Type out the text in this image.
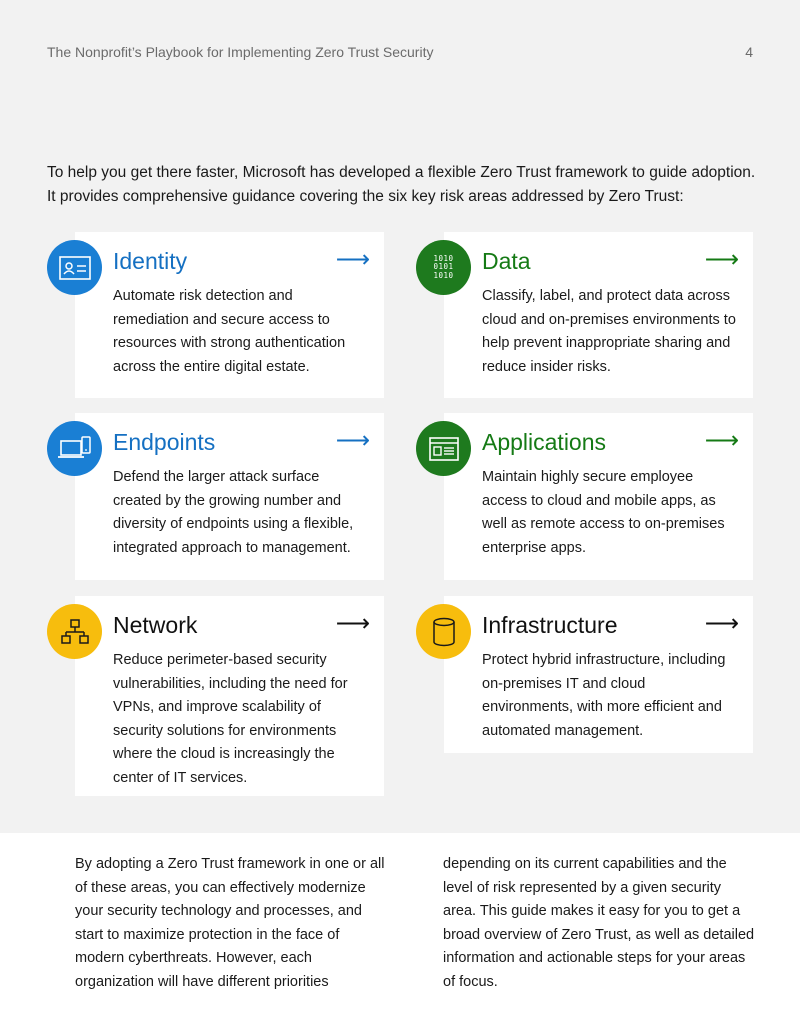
The Nonprofit’s Playbook for Implementing Zero Trust Security	4
To help you get there faster, Microsoft has developed a flexible Zero Trust framework to guide adoption. It provides comprehensive guidance covering the six key risk areas addressed by Zero Trust:
Identity	⟶
Automate risk detection and remediation and secure access to resources with strong authentication across the entire digital estate.
1010
0101
1010
Data	⟶
Classify, label, and protect data across cloud and on-premises environments to help prevent inappropriate sharing and reduce insider risks.
Endpoints	⟶
Defend the larger attack surface created by the growing number and diversity of endpoints using a flexible, integrated approach to management.
Applications	⟶
Maintain highly secure employee access to cloud and mobile apps, as well as remote access to on-premises enterprise apps.
Network	⟶
Reduce perimeter-based security vulnerabilities, including the need for VPNs, and improve scalability of security solutions for environments where the cloud is increasingly the center of IT services.
Infrastructure	⟶
Protect hybrid infrastructure, including on-premises IT and cloud environments, with more efficient and automated management.
By adopting a Zero Trust framework in one or all of these areas, you can effectively modernize your security technology and processes, and start to maximize protection in the face of modern cyberthreats. However, each organization will have different priorities
depending on its current capabilities and the level of risk represented by a given security area. This guide makes it easy for you to get a broad overview of Zero Trust, as well as detailed information and actionable steps for your areas of focus.
